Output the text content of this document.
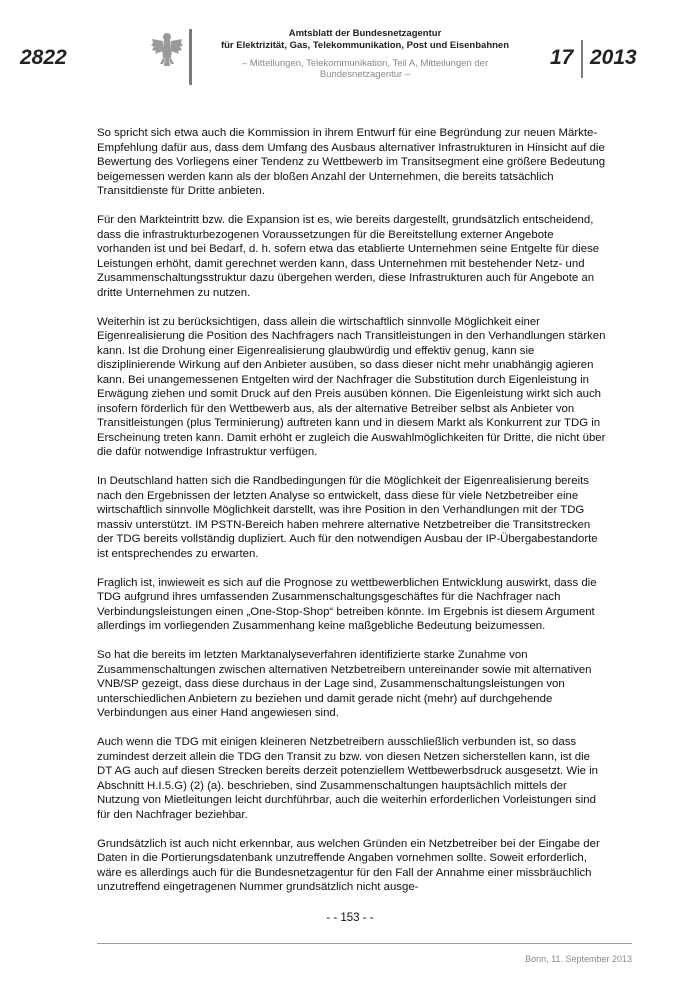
2822
Amtsblatt der Bundesnetzagentur
für Elektrizität, Gas, Telekommunikation, Post und Eisenbahnen
– Mitteilungen, Telekommunikation, Teil A, Mitteilungen der Bundesnetzagentur –
17 2013

So spricht sich etwa auch die Kommission in ihrem Entwurf für eine Begründung zur neuen Märkte-Empfehlung dafür aus, dass dem Umfang des Ausbaus alternativer Infrastrukturen in Hinsicht auf die Bewertung des Vorliegens einer Tendenz zu Wettbewerb im Transitsegment eine größere Bedeutung beigemessen werden kann als der bloßen Anzahl der Unternehmen, die bereits tatsächlich Transitdienste für Dritte anbieten.

Für den Markteintritt bzw. die Expansion ist es, wie bereits dargestellt, grundsätzlich entscheidend, dass die infrastrukturbezogenen Voraussetzungen für die Bereitstellung externer Angebote vorhanden ist und bei Bedarf, d. h. sofern etwa das etablierte Unternehmen seine Entgelte für diese Leistungen erhöht, damit gerechnet werden kann, dass Unternehmen mit bestehender Netz- und Zusammenschaltungsstruktur dazu übergehen werden, diese Infrastrukturen auch für Angebote an dritte Unternehmen zu nutzen.

Weiterhin ist zu berücksichtigen, dass allein die wirtschaftlich sinnvolle Möglichkeit einer Eigenrealisierung die Position des Nachfragers nach Transitleistungen in den Verhandlungen stärken kann. Ist die Drohung einer Eigenrealisierung glaubwürdig und effektiv genug, kann sie disziplinierende Wirkung auf den Anbieter ausüben, so dass dieser nicht mehr unabhängig agieren kann. Bei unangemessenen Entgelten wird der Nachfrager die Substitution durch Eigenleistung in Erwägung ziehen und somit Druck auf den Preis ausüben können. Die Eigenleistung wirkt sich auch insofern förderlich für den Wettbewerb aus, als der alternative Betreiber selbst als Anbieter von Transitleistungen (plus Terminierung) auftreten kann und in diesem Markt als Konkurrent zur TDG in Erscheinung treten kann. Damit erhöht er zugleich die Auswahlmöglichkeiten für Dritte, die nicht über die dafür notwendige Infrastruktur verfügen.

In Deutschland hatten sich die Randbedingungen für die Möglichkeit der Eigenrealisierung bereits nach den Ergebnissen der letzten Analyse so entwickelt, dass diese für viele Netzbetreiber eine wirtschaftlich sinnvolle Möglichkeit darstellt, was ihre Position in den Verhandlungen mit der TDG massiv unterstützt. IM PSTN-Bereich haben mehrere alternative Netzbetreiber die Transitstrecken der TDG bereits vollständig dupliziert. Auch für den notwendigen Ausbau der IP-Übergabestandorte ist entsprechendes zu erwarten.

Fraglich ist, inwieweit es sich auf die Prognose zu wettbewerblichen Entwicklung auswirkt, dass die TDG aufgrund ihres umfassenden Zusammenschaltungsgeschäftes für die Nachfrager nach Verbindungsleistungen einen „One-Stop-Shop“ betreiben könnte. Im Ergebnis ist diesem Argument allerdings im vorliegenden Zusammenhang keine maßgebliche Bedeutung beizumessen.

So hat die bereits im letzten Marktanalyseverfahren identifizierte starke Zunahme von Zusammenschaltungen zwischen alternativen Netzbetreibern untereinander sowie mit alternativen VNB/SP gezeigt, dass diese durchaus in der Lage sind, Zusammenschaltungsleistungen von unterschiedlichen Anbietern zu beziehen und damit gerade nicht (mehr) auf durchgehende Verbindungen aus einer Hand angewiesen sind.

Auch wenn die TDG mit einigen kleineren Netzbetreibern ausschließlich verbunden ist, so dass zumindest derzeit allein die TDG den Transit zu bzw. von diesen Netzen sicherstellen kann, ist die DT AG auch auf diesen Strecken bereits derzeit potenziellem Wettbewerbsdruck ausgesetzt. Wie in Abschnitt H.I.5.G) (2) (a). beschrieben, sind Zusammenschaltungen hauptsächlich mittels der Nutzung von Mietleitungen leicht durchführbar, auch die weiterhin erforderlichen Vorleistungen sind für den Nachfrager beziehbar.

Grundsätzlich ist auch nicht erkennbar, aus welchen Gründen ein Netzbetreiber bei der Eingabe der Daten in die Portierungsdatenbank unzutreffende Angaben vornehmen sollte. Soweit erforderlich, wäre es allerdings auch für die Bundesnetzagentur für den Fall der Annahme einer missbräuchlich unzutreffend eingetragenen Nummer grundsätzlich nicht ausge-

- - 153 - -
Bonn, 11. September 2013
